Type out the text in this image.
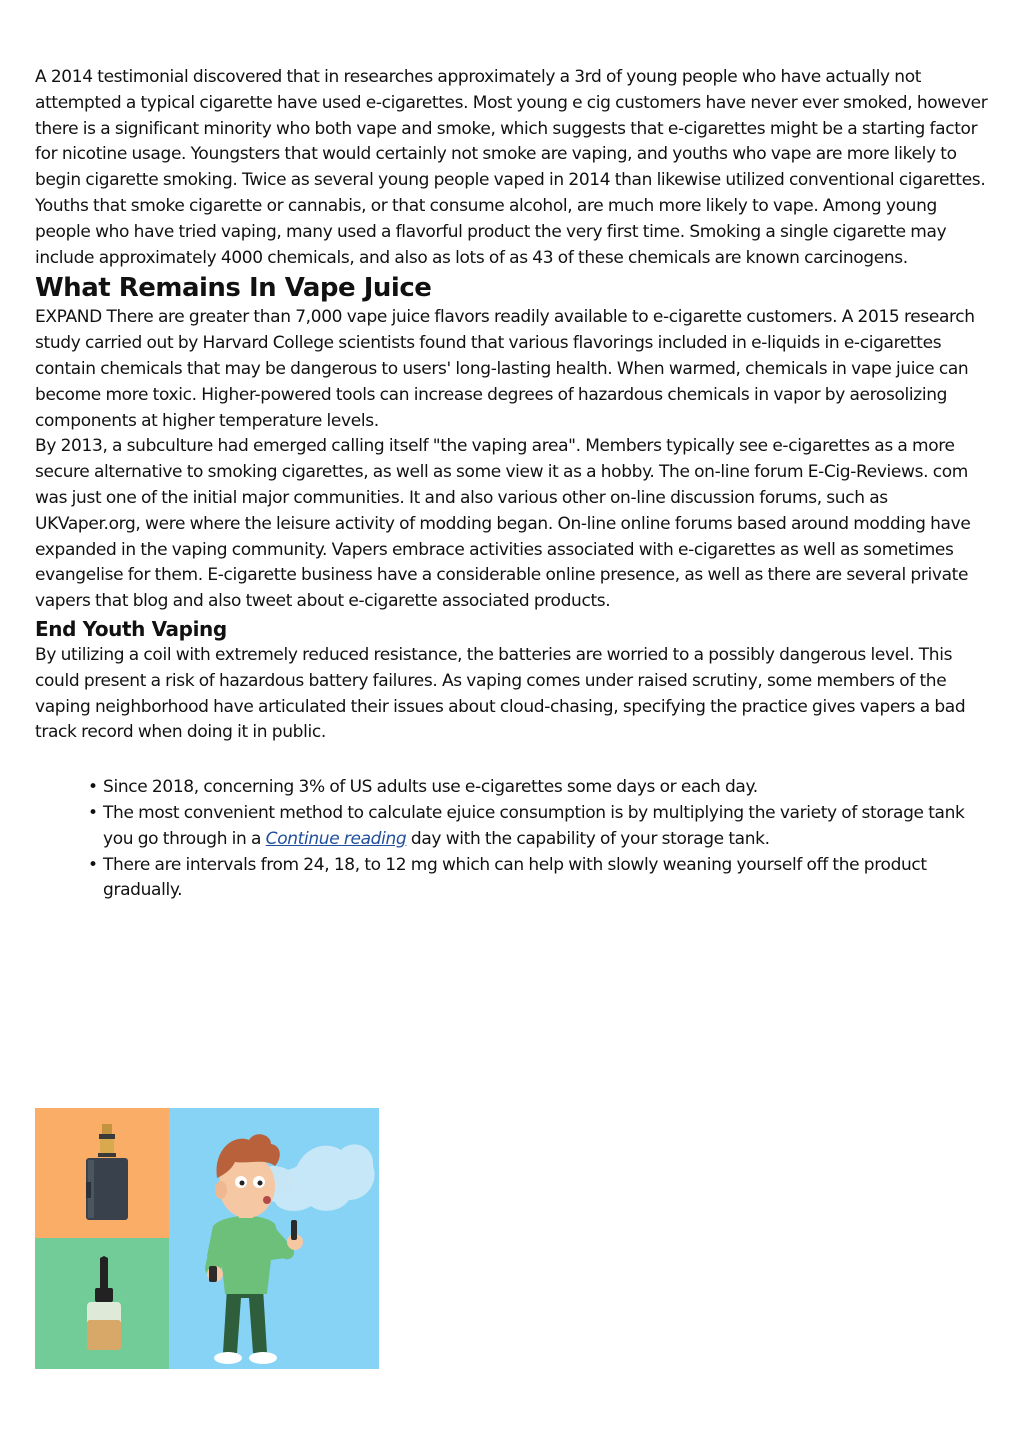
A 2014 testimonial discovered that in researches approximately a 3rd of young people who have actually not attempted a typical cigarette have used e-cigarettes. Most young e cig customers have never ever smoked, however there is a significant minority who both vape and smoke, which suggests that e-cigarettes might be a starting factor for nicotine usage. Youngsters that would certainly not smoke are vaping, and youths who vape are more likely to begin cigarette smoking. Twice as several young people vaped in 2014 than likewise utilized conventional cigarettes. Youths that smoke cigarette or cannabis, or that consume alcohol, are much more likely to vape. Among young people who have tried vaping, many used a flavorful product the very first time. Smoking a single cigarette may include approximately 4000 chemicals, and also as lots of as 43 of these chemicals are known carcinogens.

What Remains In Vape Juice

EXPAND There are greater than 7,000 vape juice flavors readily available to e-cigarette customers. A 2015 research study carried out by Harvard College scientists found that various flavorings included in e-liquids in e-cigarettes contain chemicals that may be dangerous to users' long-lasting health. When warmed, chemicals in vape juice can become more toxic. Higher-powered tools can increase degrees of hazardous chemicals in vapor by aerosolizing components at higher temperature levels.

By 2013, a subculture had emerged calling itself "the vaping area". Members typically see e-cigarettes as a more secure alternative to smoking cigarettes, as well as some view it as a hobby. The on-line forum E-Cig-Reviews. com was just one of the initial major communities. It and also various other on-line discussion forums, such as UKVaper.org, were where the leisure activity of modding began. On-line online forums based around modding have expanded in the vaping community. Vapers embrace activities associated with e-cigarettes as well as sometimes evangelise for them. E-cigarette business have a considerable online presence, as well as there are several private vapers that blog and also tweet about e-cigarette associated products.

End Youth Vaping

By utilizing a coil with extremely reduced resistance, the batteries are worried to a possibly dangerous level. This could present a risk of hazardous battery failures. As vaping comes under raised scrutiny, some members of the vaping neighborhood have articulated their issues about cloud-chasing, specifying the practice gives vapers a bad track record when doing it in public.

• Since 2018, concerning 3% of US adults use e-cigarettes some days or each day.
• The most convenient method to calculate ejuice consumption is by multiplying the variety of storage tank you go through in a Continue reading day with the capability of your storage tank.
• There are intervals from 24, 18, to 12 mg which can help with slowly weaning yourself off the product gradually.
